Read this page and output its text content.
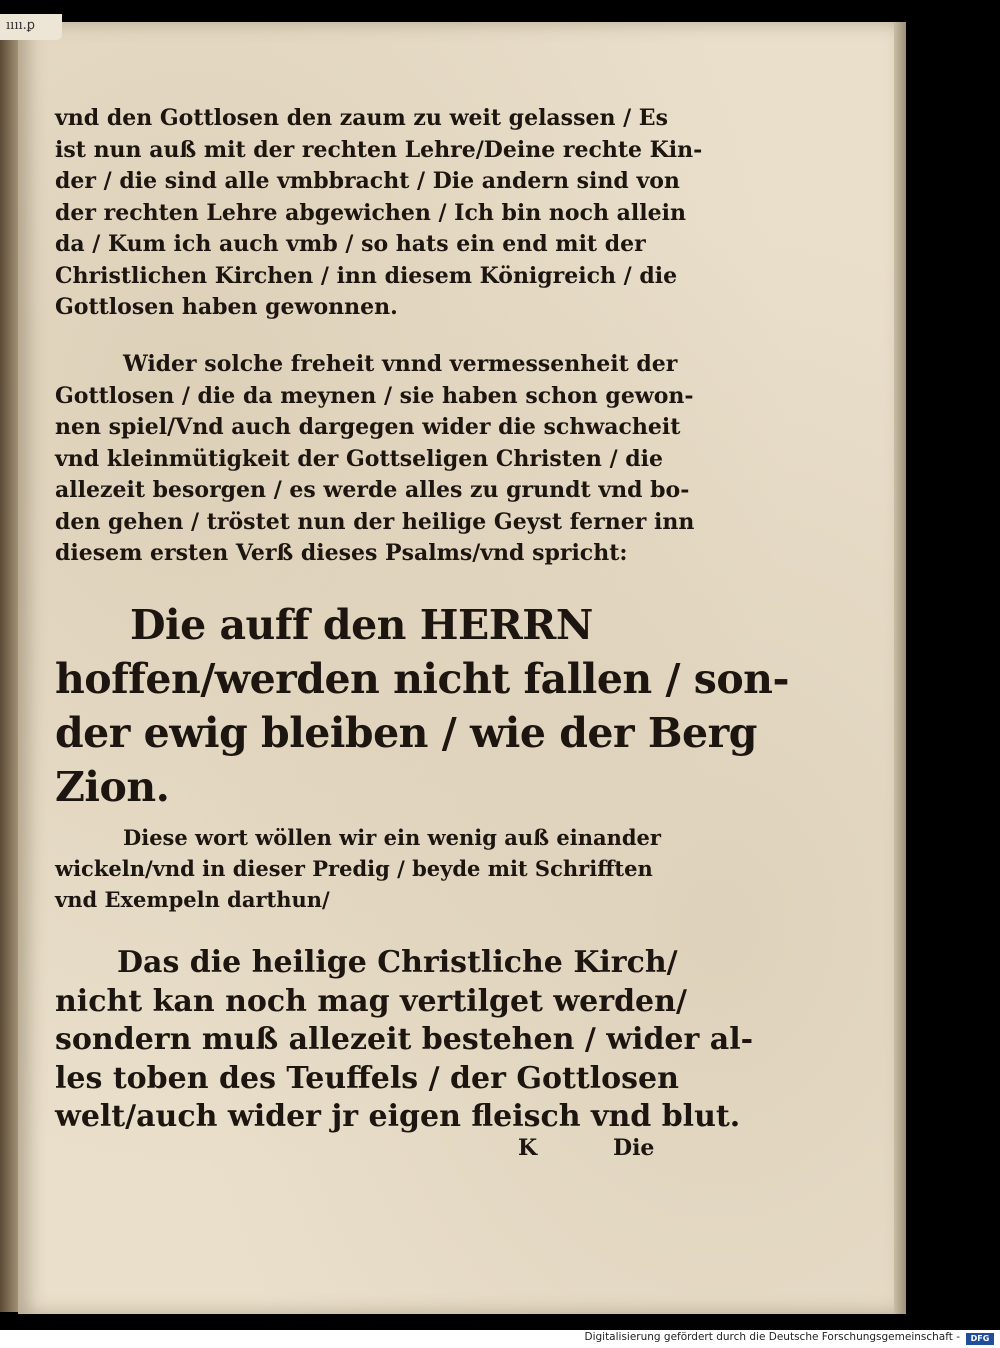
ıııı.ꝑ
vnd den Gottlosen den zaum zu weit gelassen / Es
ist nun auß mit der rechten Lehre/Deine rechte Kin-
der / die sind alle vmbbracht / Die andern sind von
der rechten Lehre abgewichen / Ich bin noch allein
da / Kum ich auch vmb / so hats ein end mit der
Christlichen Kirchen / inn diesem Königreich / die
Gottlosen haben gewonnen.
Wider solche freheit vnnd vermessenheit der
Gottlosen / die da meynen / sie haben schon gewon-
nen spiel/Vnd auch dargegen wider die schwacheit
vnd kleinmütigkeit der Gottseligen Christen / die
allezeit besorgen / es werde alles zu grundt vnd bo-
den gehen / tröstet nun der heilige Geyst ferner inn
diesem ersten Verß dieses Psalms/vnd spricht:
Die auff den HERRN
hoffen/werden nicht fallen / son-
der ewig bleiben / wie der Berg
Zion.
Diese wort wöllen wir ein wenig auß einander
wickeln/vnd in dieser Predig / beyde mit Schrifften
vnd Exempeln darthun/
Das die heilige Christliche Kirch/
nicht kan noch mag vertilget werden/
sondern muß allezeit bestehen / wider al-
les toben des Teuffels / der Gottlosen
welt/auch wider jr eigen fleisch vnd blut.
K	Die
Digitalisierung gefördert durch die Deutsche Forschungsgemeinschaft -	DFG
